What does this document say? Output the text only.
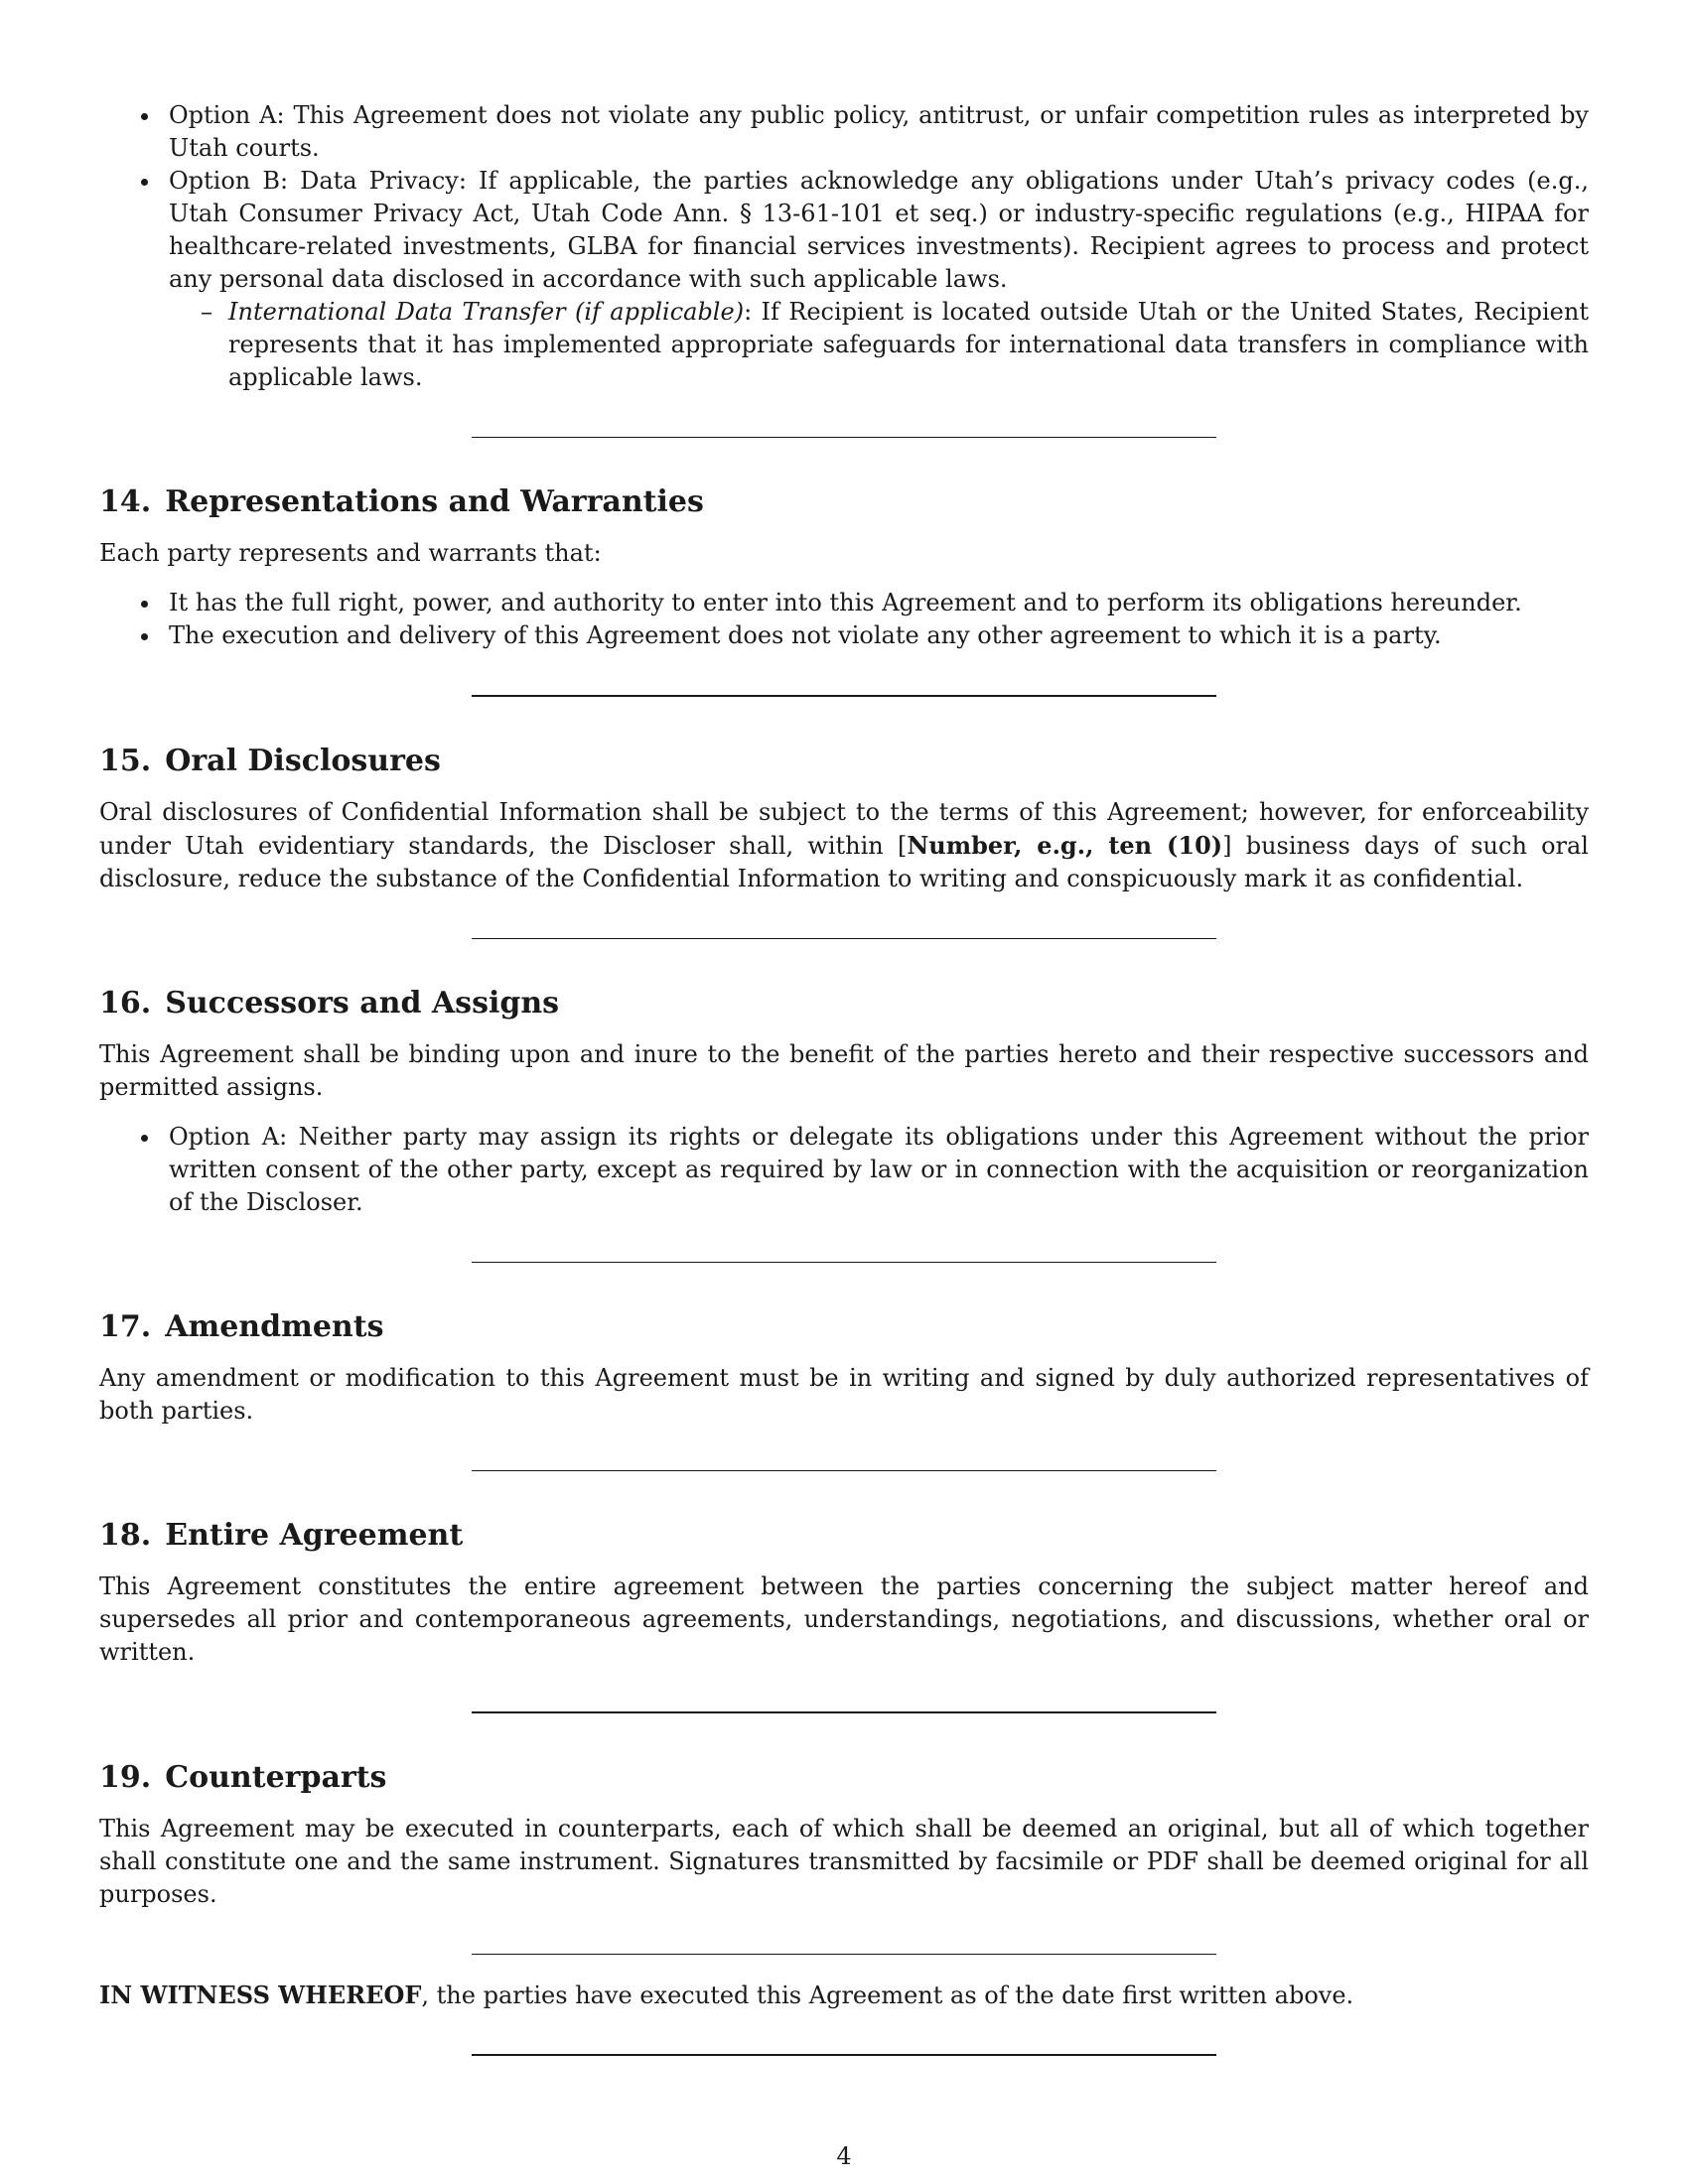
Option A: This Agreement does not violate any public policy, antitrust, or unfair competition rules as interpreted by Utah courts.
Option B: Data Privacy: If applicable, the parties acknowledge any obligations under Utah’s privacy codes (e.g., Utah Consumer Privacy Act, Utah Code Ann. § 13-61-101 et seq.) or industry-specific regulations (e.g., HIPAA for healthcare-related investments, GLBA for financial services investments). Recipient agrees to process and protect any personal data disclosed in accordance with such applicable laws.
– International Data Transfer (if applicable): If Recipient is located outside Utah or the United States, Recipient represents that it has implemented appropriate safeguards for international data transfers in compliance with applicable laws.
14. Representations and Warranties

Each party represents and warrants that:

It has the full right, power, and authority to enter into this Agreement and to perform its obligations hereunder.
The execution and delivery of this Agreement does not violate any other agreement to which it is a party.
15. Oral Disclosures

Oral disclosures of Confidential Information shall be subject to the terms of this Agreement; however, for enforceability under Utah evidentiary standards, the Discloser shall, within [Number, e.g., ten (10)] business days of such oral disclosure, reduce the substance of the Confidential Information to writing and conspicuously mark it as confidential.

16. Successors and Assigns

This Agreement shall be binding upon and inure to the benefit of the parties hereto and their respective successors and permitted assigns.

Option A: Neither party may assign its rights or delegate its obligations under this Agreement without the prior written consent of the other party, except as required by law or in connection with the acquisition or reorganization of the Discloser.
17. Amendments

Any amendment or modification to this Agreement must be in writing and signed by duly authorized representatives of both parties.

18. Entire Agreement

This Agreement constitutes the entire agreement between the parties concerning the subject matter hereof and supersedes all prior and contemporaneous agreements, understandings, negotiations, and discussions, whether oral or written.

19. Counterparts

This Agreement may be executed in counterparts, each of which shall be deemed an original, but all of which together shall constitute one and the same instrument. Signatures transmitted by facsimile or PDF shall be deemed original for all purposes.

IN WITNESS WHEREOF, the parties have executed this Agreement as of the date first written above.

4
